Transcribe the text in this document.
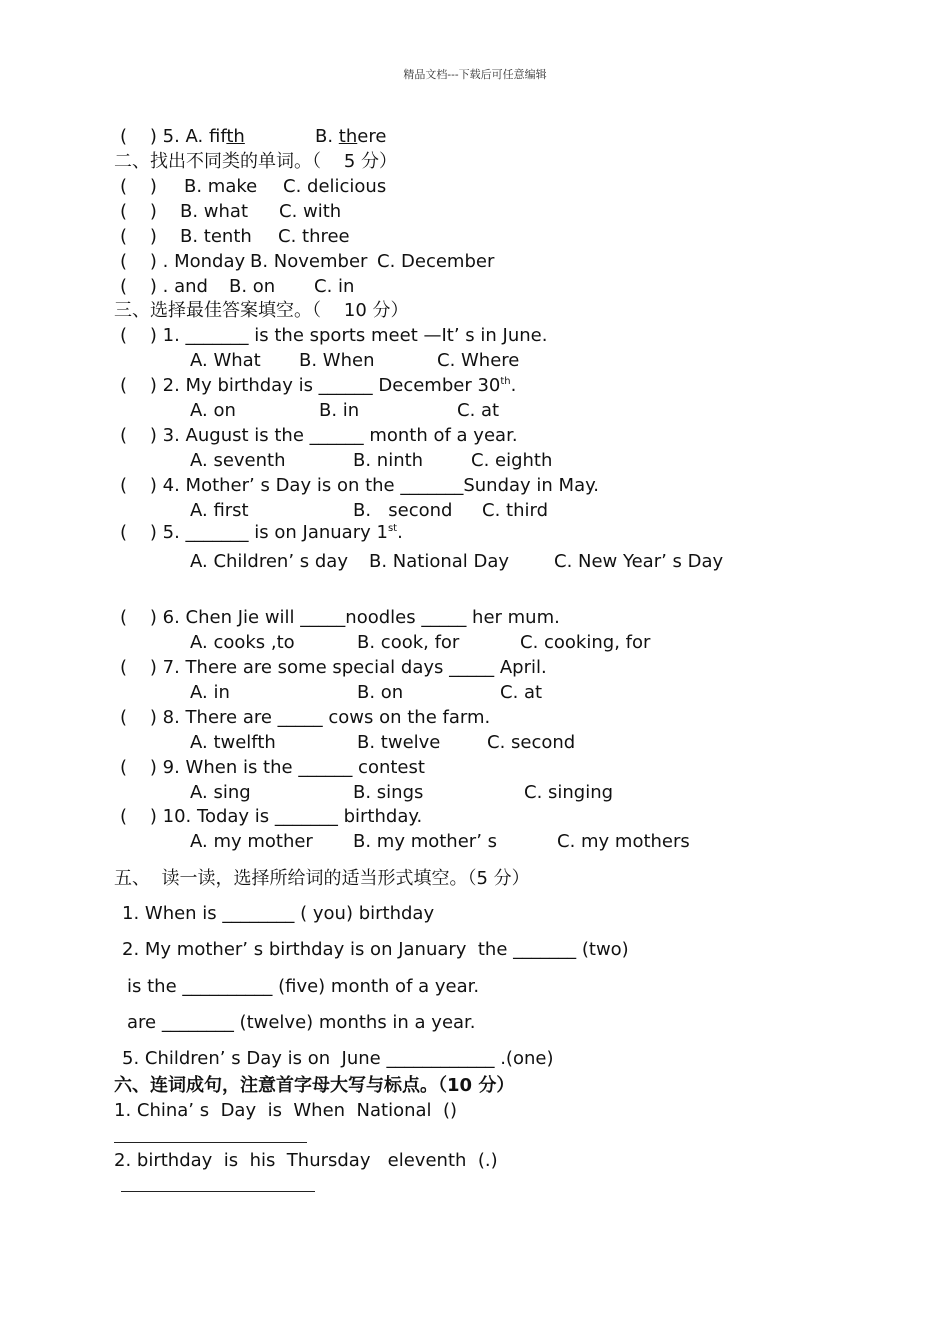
精品文档---下载后可任意编辑
(    ) 5. A. fifth	B. there
二、找出不同类的单词。（    5 分）
(    ) B. make C. delicious
(    ) B. what C. with
(    ) B. tenth C. three
(    ) . Monday B. November C. December
(    ) . and B. on C. in
三、选择最佳答案填空。（    10 分）
(    ) 1. _______ is the sports meet —It’ s in June.
A. What B. When	C. Where
(    ) 2. My birthday is ______ December 30th.
A. on	B. in	C. at
(    ) 3. August is the ______ month of a year.
A. seventh	B. ninth	C. eighth
(    ) 4. Mother’ s Day is on the _______Sunday in May.
A. first	B.   second C. third
(    ) 5. _______ is on January 1st.
A. Children’ s day B. National Day C. New Year’ s Day
(    ) 6. Chen Jie will _____noodles _____ her mum.
A. cooks ,to	B. cook, for	C. cooking, for
(    ) 7. There are some special days _____ April.
A. in	B. on	C. at
(    ) 8. There are _____ cows on the farm.
A. twelfth	B. twelve	C. second
(    ) 9. When is the ______ contest
A. sing	B. sings	C. singing
(    ) 10. Today is _______ birthday.
A. my mother B. my mother’ s	C. my mothers
五、  读一读，选择所给词的适当形式填空。（5 分）
1. When is ________ ( you) birthday
2. My mother’ s birthday is on January  the _______ (two)
is the __________ (five) month of a year.
are ________ (twelve) months in a year.
5. Children’ s Day is on  June ____________ .(one)
六、连词成句，注意首字母大写与标点。（10 分）
1. China’ s  Day  is  When  National  ()
2. birthday  is  his  Thursday   eleventh  (.)
